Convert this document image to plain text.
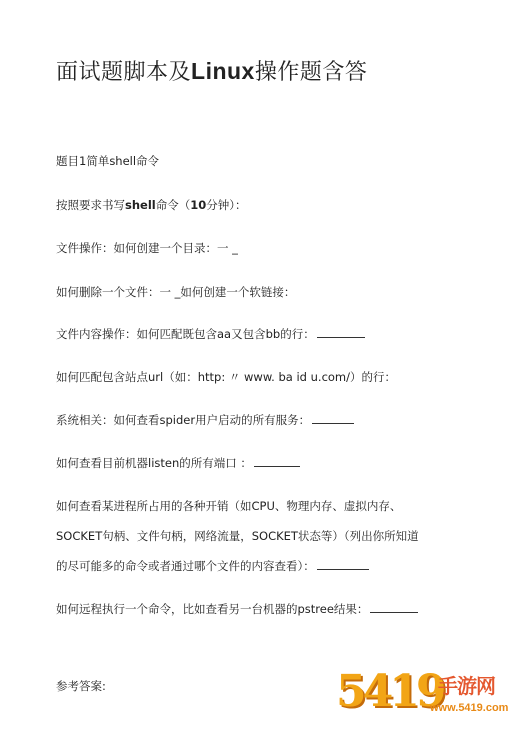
面试题脚本及Linux操作题含答
题目1简单shell命令
按照要求书写shell命令（10分钟）：
文件操作：如何创建一个目录：一 _
如何删除一个文件：一 _如何创建一个软链接：
文件内容操作：如何匹配既包含aa又包含bb的行：
如何匹配包含站点url（如：http: 〃 www. ba id u.com/）的行：
系统相关：如何查看spider用户启动的所有服务：
如何查看目前机器listen的所有端口 ：
如何查看某进程所占用的各种开销（如CPU、物理内存、虚拟内存、
SOCKET句柄、文件句柄，网络流量，SOCKET状态等）（列出你所知道
的尽可能多的命令或者通过哪个文件的内容查看）：
如何远程执行一个命令，比如查看另一台机器的pstree结果：
参考答案:	5419
手游网
www.5419.com
